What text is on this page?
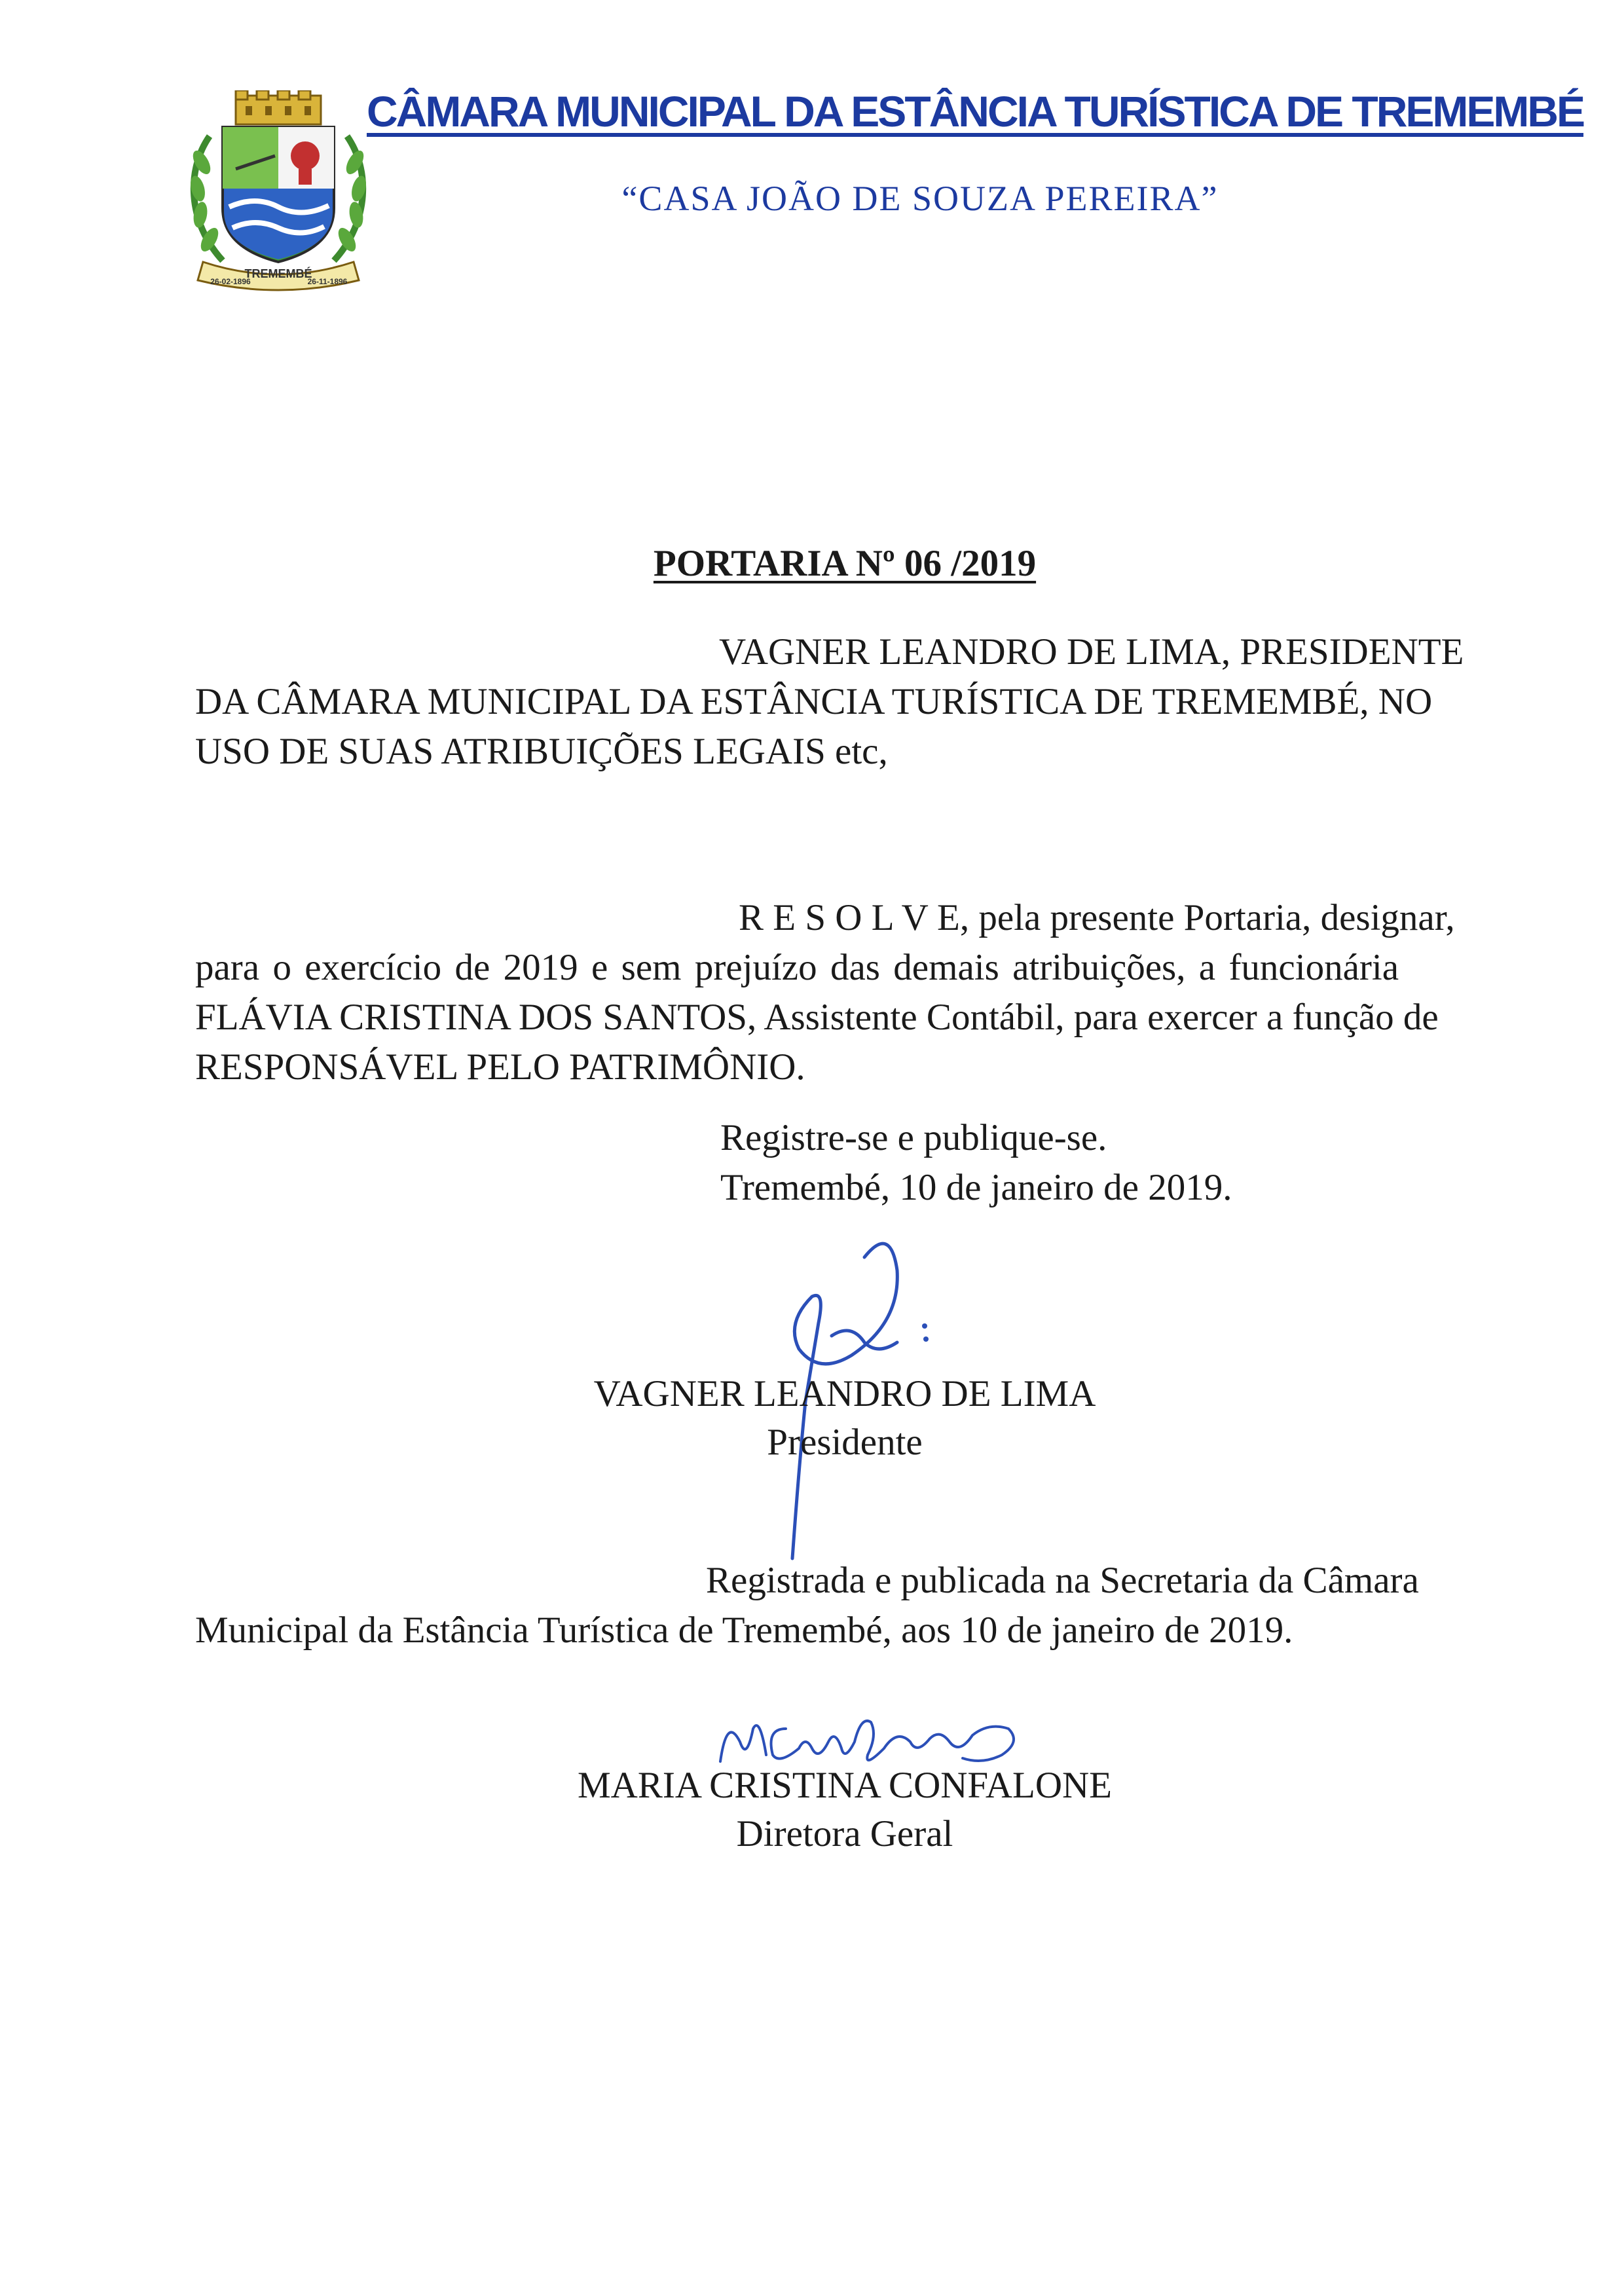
TREMEMBÉ
26-02-1896	26-11-1896
CÂMARA MUNICIPAL DA ESTÂNCIA TURÍSTICA DE TREMEMBÉ
“CASA JOÃO DE SOUZA PEREIRA”
PORTARIA Nº 06 /2019
VAGNER LEANDRO DE LIMA, PRESIDENTE
DA CÂMARA MUNICIPAL DA ESTÂNCIA TURÍSTICA DE TREMEMBÉ, NO
USO DE SUAS ATRIBUIÇÕES LEGAIS etc,
R E S O L V E, pela presente Portaria, designar,
para o exercício de 2019 e sem prejuízo das demais atribuições, a funcionária
FLÁVIA CRISTINA DOS SANTOS, Assistente Contábil, para exercer a função de
RESPONSÁVEL PELO PATRIMÔNIO.
Registre-se e publique-se.
Tremembé, 10 de janeiro de 2019.
VAGNER LEANDRO DE LIMA
Presidente
Registrada e publicada na Secretaria da Câmara
Municipal da Estância Turística de Tremembé, aos 10 de janeiro de 2019.
MARIA CRISTINA CONFALONE
Diretora Geral
